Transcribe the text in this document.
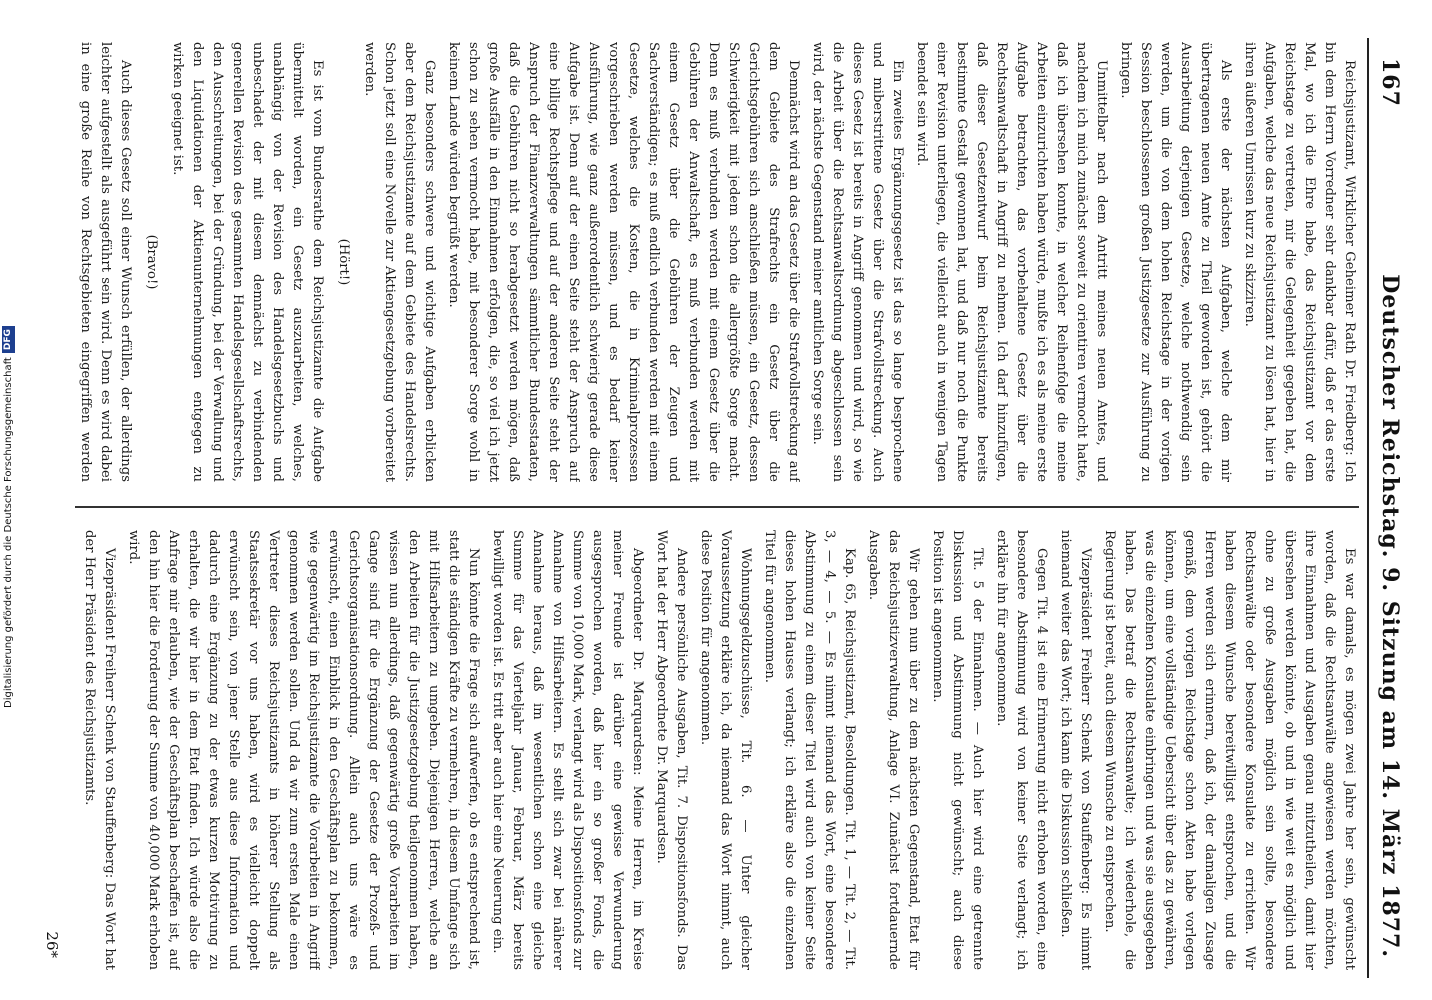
Digitalisierung gefördert durch die Deutsche Forschungsgemeinschaft
DFG
167
Deutscher Reichstag. 9. Sitzung am 14. März 1877.

Reichsjustizamt, Wirklicher Geheimer Rath Dr. Friedberg: Ich bin dem Herrn Vorredner sehr dankbar dafür, daß er das erste Mal, wo ich die Ehre habe, das Reichsjustizamt vor dem Reichstage zu vertreten, mir die Gelegenheit gegeben hat, die Aufgaben, welche das neue Reichsjustizamt zu lösen hat, hier in ihren äußeren Umrissen kurz zu skizziren.

Als erste der nächsten Aufgaben, welche dem mir übertragenen neuen Amte zu Theil geworden ist, gehört die Ausarbeitung derjenigen Gesetze, welche nothwendig sein werden, um die von dem hohen Reichstage in der vorigen Session beschlossenen großen Justizgesetze zur Ausführung zu bringen.

Unmittelbar nach dem Antritt meines neuen Amtes, und nachdem ich mich zunächst soweit zu orientiren vermocht hatte, daß ich übersehen konnte, in welcher Reihenfolge die meine Arbeiten einzurichten haben würde, mußte ich es als meine erste Aufgabe betrachten, das vorbehaltene Gesetz über die Rechtsanwaltschaft in Angriff zu nehmen. Ich darf hinzufügen, daß dieser Gesetzentwurf beim Reichsjustizamte bereits bestimmte Gestalt gewonnen hat, und daß nur noch die Punkte einer Revision unterliegen, die vielleicht auch in wenigen Tagen beendet sein wird.

Ein zweites Ergänzungsgesetz ist das so lange besprochene und miberstrittene Gesetz über die Strafvollstreckung. Auch dieses Gesetz ist bereits in Angriff genommen und wird, so wie die Arbeit über die Rechtsanwaltsordnung abgeschlossen sein wird, der nächste Gegenstand meiner amtlichen Sorge sein.

Demnächst wird an das Gesetz über die Strafvollstreckung auf dem Gebiete des Strafrechts ein Gesetz über die Gerichtsgebühren sich anschließen müssen, ein Gesetz, dessen Schwierigkeit mit jedem schon die allergrößte Sorge macht. Denn es muß verbunden werden mit einem Gesetz über die Gebühren der Anwaltschaft, es muß verbunden werden mit einem Gesetz über die Gebühren der Zeugen und Sachverständigen; es muß endlich verbunden werden mit einem Gesetze, welches die Kosten, die in Kriminalprozessen vorgeschrieben werden müssen, und es bedarf keiner Ausführung, wie ganz außerordentlich schwierig gerade diese Aufgabe ist. Denn auf der einen Seite steht der Anspruch auf eine billige Rechtspflege und auf der anderen Seite steht der Anspruch der Finanzverwaltungen sämmtlicher Bundesstaaten, daß die Gebühren nicht so herabgesetzt werden mögen, daß große Ausfälle in den Einnahmen erfolgen, die, so viel ich jetzt schon zu sehen vermocht habe, mit besonderer Sorge wohl in keinem Lande würden begrüßt werden.

Ganz besonders schwere und wichtige Aufgaben erblicken aber dem Reichsjustizamte auf dem Gebiete des Handelsrechts. Schon jetzt soll eine Novelle zur Aktiengesetzgebung vorbereitet werden.

(Hört!)

Es ist vom Bundesrathe dem Reichsjustizamte die Aufgabe übermittelt worden, ein Gesetz auszuarbeiten, welches, unabhängig von der Revision des Handelsgesetzbuchs und unbeschadet der mit diesem demnächst zu verbindenden generellen Revision des gesammten Handelsgesellschaftsrechts, den Ausschreitungen, bei der Gründung, bei der Verwaltung und den Liquidationen der Aktienunternehmungen entgegen zu wirken geeignet ist.

(Bravo!)

Auch dieses Gesetz soll einer Wunsch erfüllen, der allerdings leichter aufgestellt als ausgeführt sein wird. Denn es wird dabei in eine große Reihe von Rechtsgebieten eingegriffen werden

Es war damals, es mögen zwei Jahre her sein, gewünscht worden, daß die Rechtsanwälte angewiesen werden möchten, ihre Einnahmen und Ausgaben genau mitzutheilen, damit hier übersehen werden könnte, ob und in wie weit es möglich und ohne zu große Ausgaben möglich sein sollte, besondere Rechtsanwälte oder besondere Konsulate zu errichten. Wir haben diesem Wunsche bereitwilligst entsprochen, und die Herren werden sich erinnern, daß ich, der damaligen Zusage gemäß, dem vorigen Reichstage schon Akten habe vorlegen können, um eine vollständige Uebersicht über das zu gewähren, was die einzelnen Konsulate einbringen und was sie ausgegeben haben. Das betraf die Rechtsanwalte; ich wiederhole, die Regierung ist bereit, auch diesem Wunsche zu entsprechen.

Vizepräsident Freiherr Schenk von Stauffenberg: Es nimmt niemand weiter das Wort; ich kann die Diskussion schließen.

Gegen Tit. 4 ist eine Erinnerung nicht erhoben worden, eine besondere Abstimmung wird von keiner Seite verlangt; ich erkläre ihn für angenommen.

Tit. 5 der Einnahmen. — Auch hier wird eine getrennte Diskussion und Abstimmung nicht gewünscht; auch diese Position ist angenommen.

Wir gehen nun über zu dem nächsten Gegenstand, Etat für das Reichsjustizverwaltung, Anlage VI. Zunächst fortdauernde Ausgaben.

Kap. 65, Reichsjustizamt, Besoldungen. Tit. 1, — Tit. 2, — Tit. 3, — 4, — 5. — Es nimmt niemand das Wort, eine besondere Abstimmung zu einem dieser Titel wird auch von keiner Seite dieses hohen Hauses verlangt; ich erkläre also die einzelnen Titel für angenommen.

Wohnungsgeldzuschüsse, Tit. 6. — Unter gleicher Voraussetzung erkläre ich, da niemand das Wort nimmt, auch diese Position für angenommen.

Andere persönliche Ausgaben, Tit. 7. Dispositionsfonds. Das Wort hat der Herr Abgeordnete Dr. Marquardsen.

Abgeordneter Dr. Marquardsen: Meine Herren, im Kreise meiner Freunde ist darüber eine gewisse Verwunderung ausgesprochen worden, daß hier ein so großer Fonds, die Summe von 10,000 Mark, verlangt wird als Dispositionsfonds zur Annahme von Hilfsarbeitern. Es stellt sich zwar bei näherer Annahme heraus, daß im wesentlichen schon eine gleiche Summe für das Vierteljahr Januar, Februar, März bereits bewilligt worden ist. Es tritt aber auch hier eine Neuerung ein.

Nun könnte die Frage sich aufwerfen, ob es entsprechend ist, statt die ständigen Kräfte zu vermehren, in diesem Umfange sich mit Hilfsarbeitern zu umgeben. Diejenigen Herren, welche an den Arbeiten für die Justizgesetzgebung theilgenommen haben, wissen nun allerdings, daß gegenwärtig große Vorarbeiten im Gange sind für die Ergänzung der Gesetze der Prozeß- und Gerichtsorganisationsordnung. Allein auch uns wäre es erwünscht, einen Einblick in den Geschäftsplan zu bekommen, wie gegenwärtig im Reichsjustizamte die Vorarbeiten in Angriff genommen werden sollen. Und da wir zum ersten Male einen Vertreter dieses Reichsjustizamts in höherer Stellung als Staatssekretär vor uns haben, wird es vielleicht doppelt erwünscht sein, von jener Stelle aus diese Information und dadurch eine Ergänzung zu der etwas kurzen Motivirung zu erhalten, die wir hier in dem Etat finden. Ich würde also die Anfrage mir erlauben, wie der Geschäftsplan beschaffen ist, auf den hin hier die Forderung der Summe von 40,000 Mark erhoben wird.

Vizepräsident Freiherr Schenk von Stauffenberg: Das Wort hat der Herr Präsident des Reichsjustizamts.

26*
